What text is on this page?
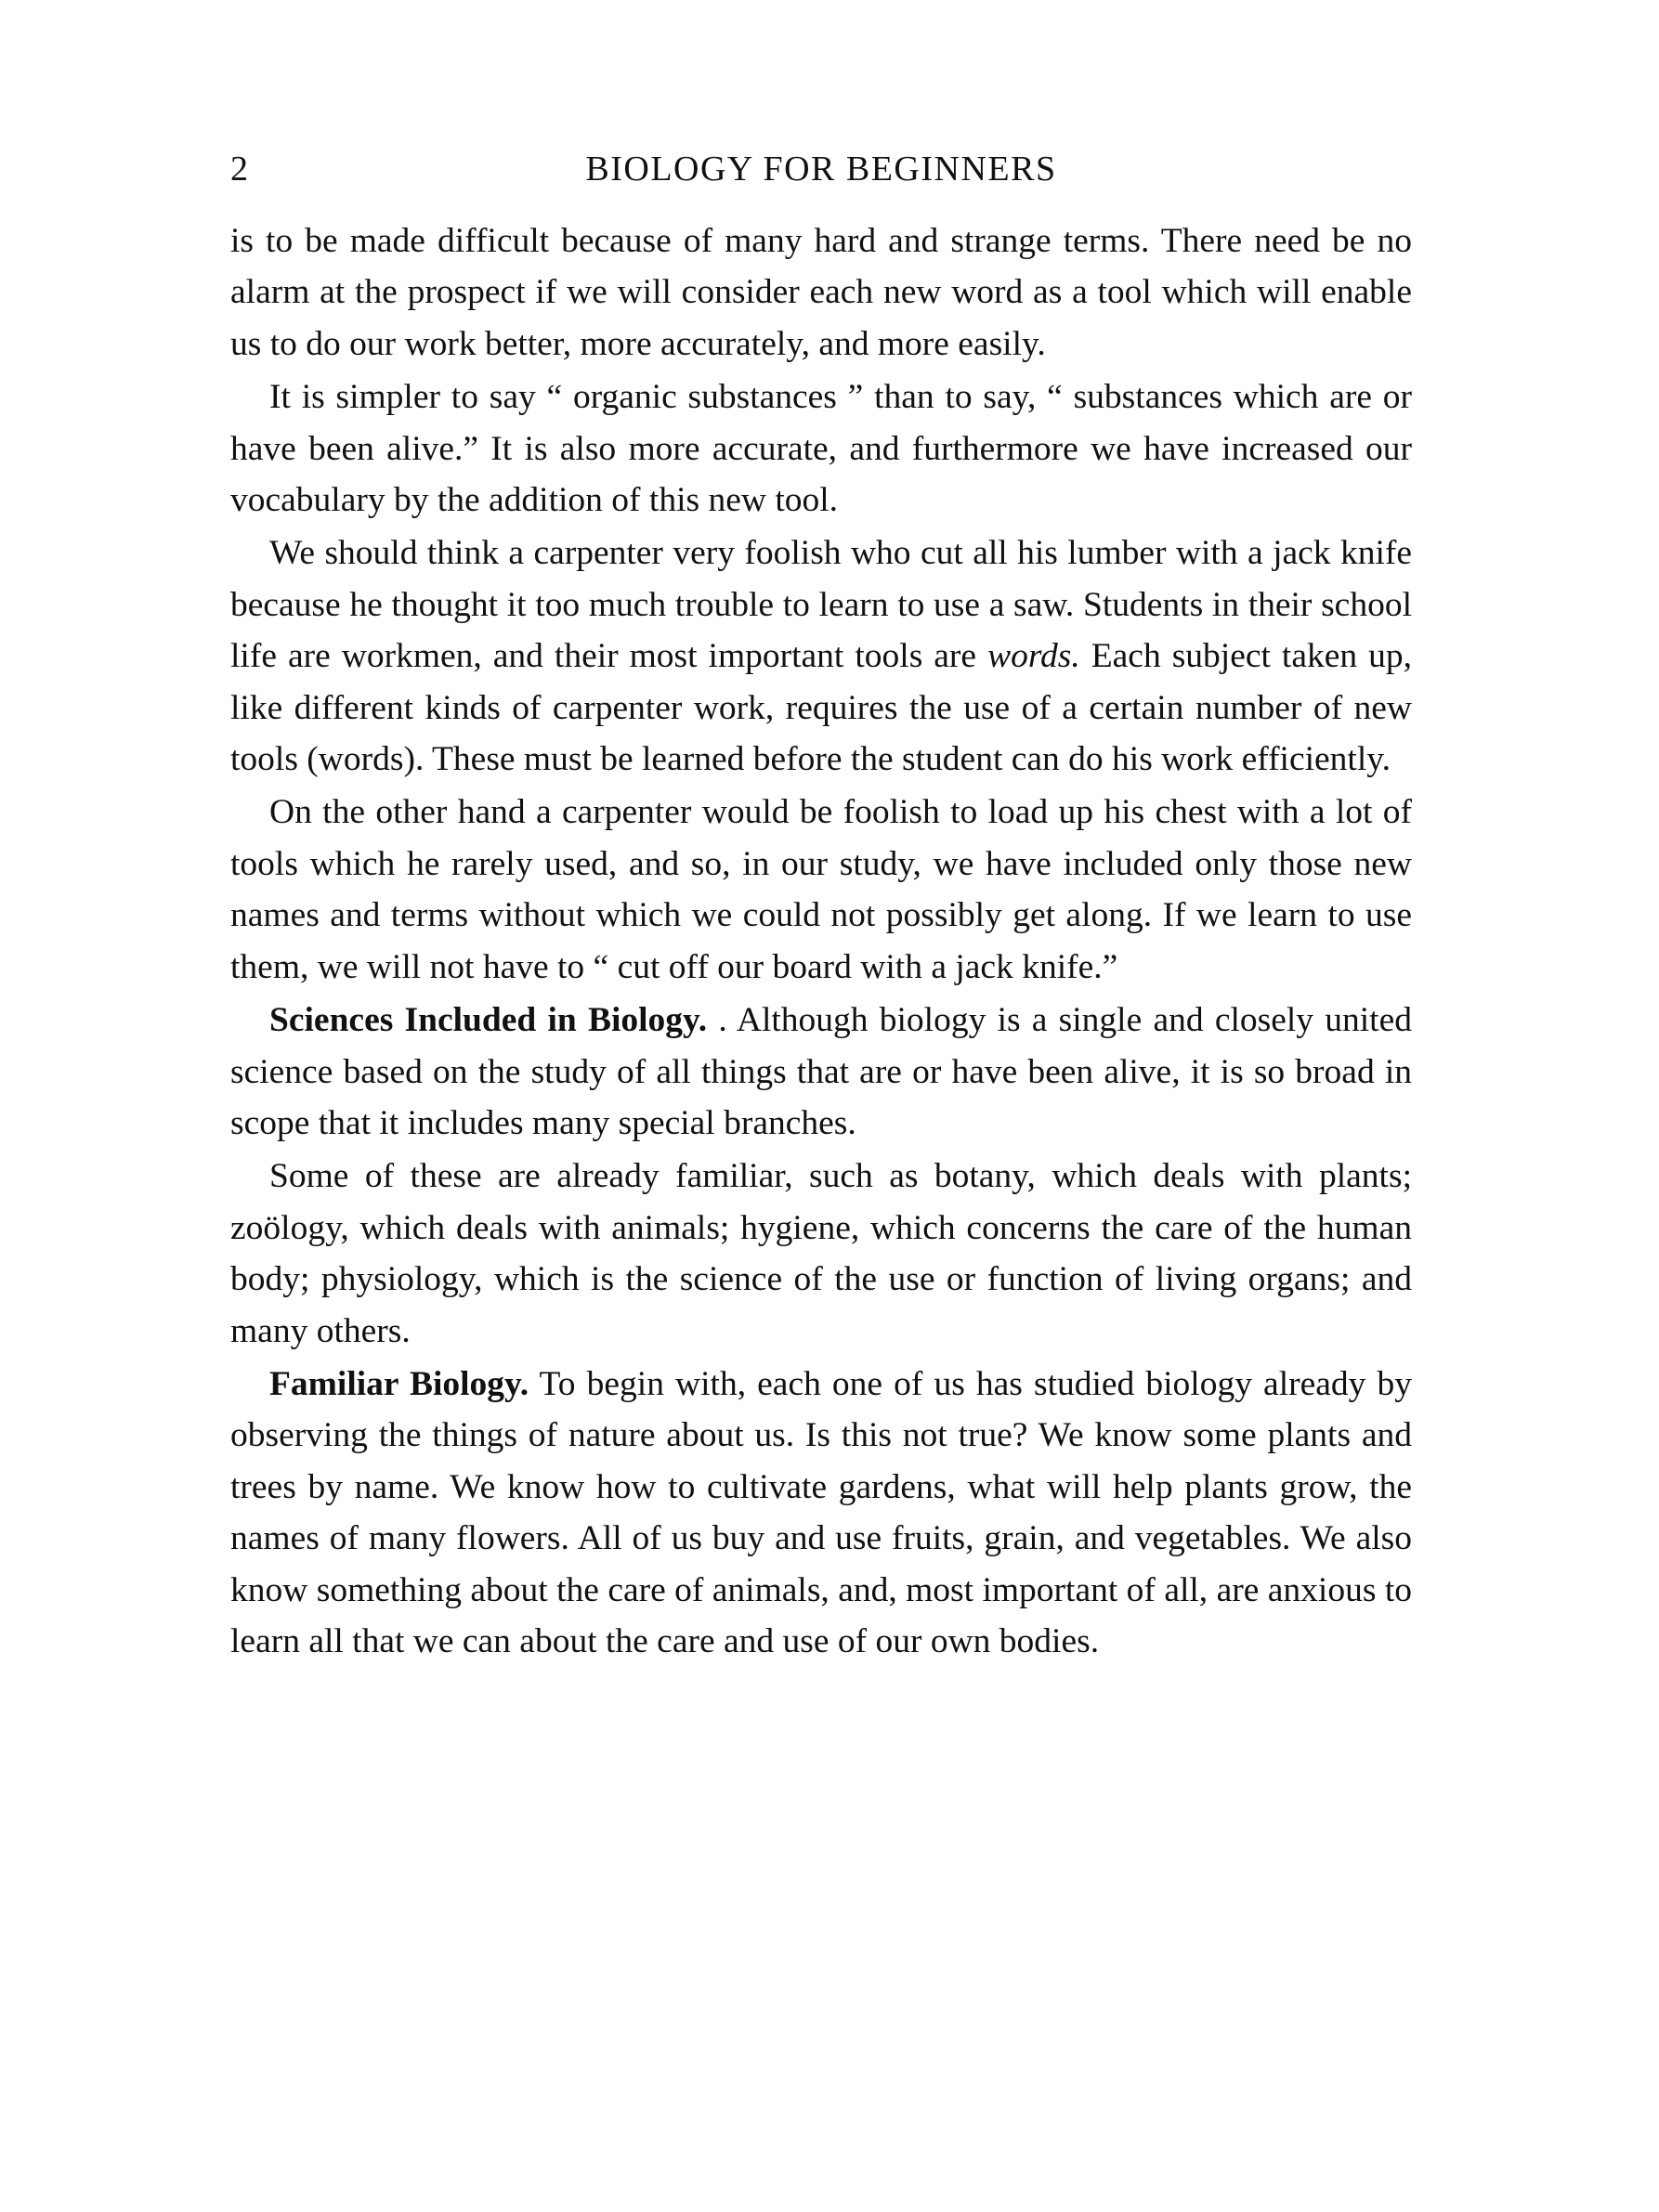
2	BIOLOGY FOR BEGINNERS

is to be made difficult because of many hard and strange terms. There need be no alarm at the prospect if we will consider each new word as a tool which will enable us to do our work better, more accurately, and more easily.

It is simpler to say “ organic substances ” than to say, “ substances which are or have been alive.” It is also more accurate, and furthermore we have increased our vocabulary by the addition of this new tool.

We should think a carpenter very foolish who cut all his lumber with a jack knife because he thought it too much trouble to learn to use a saw. Students in their school life are workmen, and their most important tools are words. Each subject taken up, like different kinds of carpenter work, requires the use of a certain number of new tools (words). These must be learned before the student can do his work efficiently.

On the other hand a carpenter would be foolish to load up his chest with a lot of tools which he rarely used, and so, in our study, we have included only those new names and terms without which we could not possibly get along. If we learn to use them, we will not have to “ cut off our board with a jack knife.”

Sciences Included in Biology. . Although biology is a single and closely united science based on the study of all things that are or have been alive, it is so broad in scope that it includes many special branches.

Some of these are already familiar, such as botany, which deals with plants; zoölogy, which deals with animals; hygiene, which concerns the care of the human body; physiology, which is the science of the use or function of living organs; and many others.

Familiar Biology. To begin with, each one of us has studied biology already by observing the things of nature about us. Is this not true? We know some plants and trees by name. We know how to cultivate gardens, what will help plants grow, the names of many flowers. All of us buy and use fruits, grain, and vegetables. We also know something about the care of animals, and, most important of all, are anxious to learn all that we can about the care and use of our own bodies.
